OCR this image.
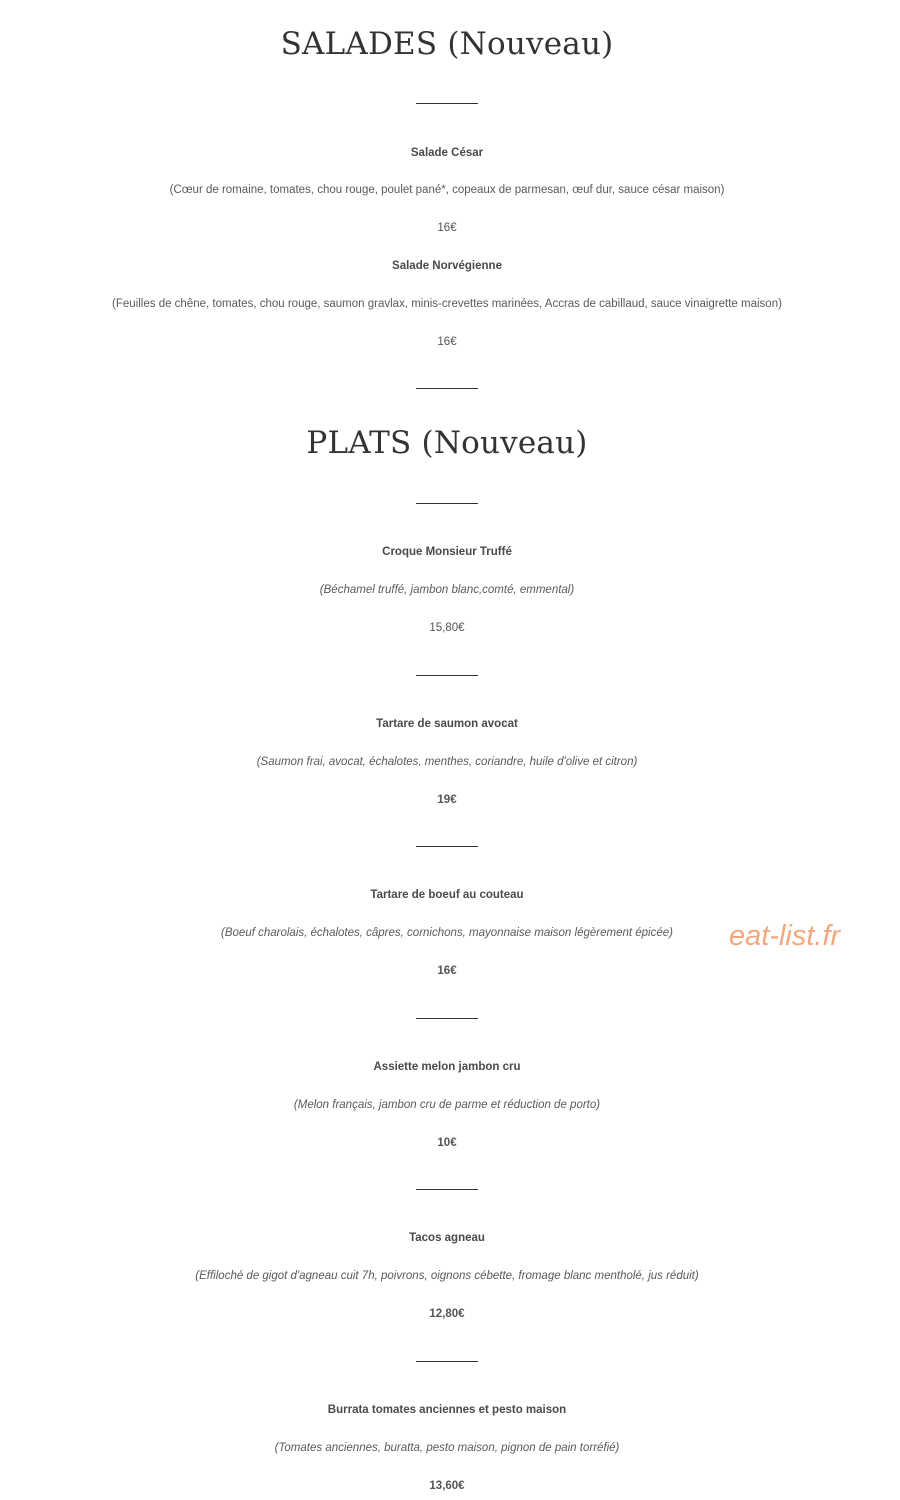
SALADES (Nouveau)
Salade César
(Cœur de romaine, tomates, chou rouge, poulet pané*, copeaux de parmesan, œuf dur, sauce césar maison)
16€
Salade Norvégienne
(Feuilles de chêne, tomates, chou rouge, saumon gravlax, minis-crevettes marinées, Accras de cabillaud, sauce vinaigrette maison)
16€
PLATS (Nouveau)
Croque Monsieur Truffé
(Béchamel truffé, jambon blanc,comté, emmental)
15,80€
Tartare de saumon avocat
(Saumon frai, avocat, échalotes, menthes, coriandre, huile d'olive et citron)
19€
Tartare de boeuf au couteau
(Boeuf charolais, échalotes, câpres, cornichons, mayonnaise maison légèrement épicée)
16€
Assiette melon jambon cru
(Melon français, jambon cru de parme et réduction de porto)
10€
Tacos agneau
(Effiloché de gigot d'agneau cuit 7h, poivrons, oignons cébette, fromage blanc mentholé, jus réduit)
12,80€
Burrata tomates anciennes et pesto maison
(Tomates anciennes, buratta, pesto maison, pignon de pain torréfié)
13,60€
eat-list.fr
